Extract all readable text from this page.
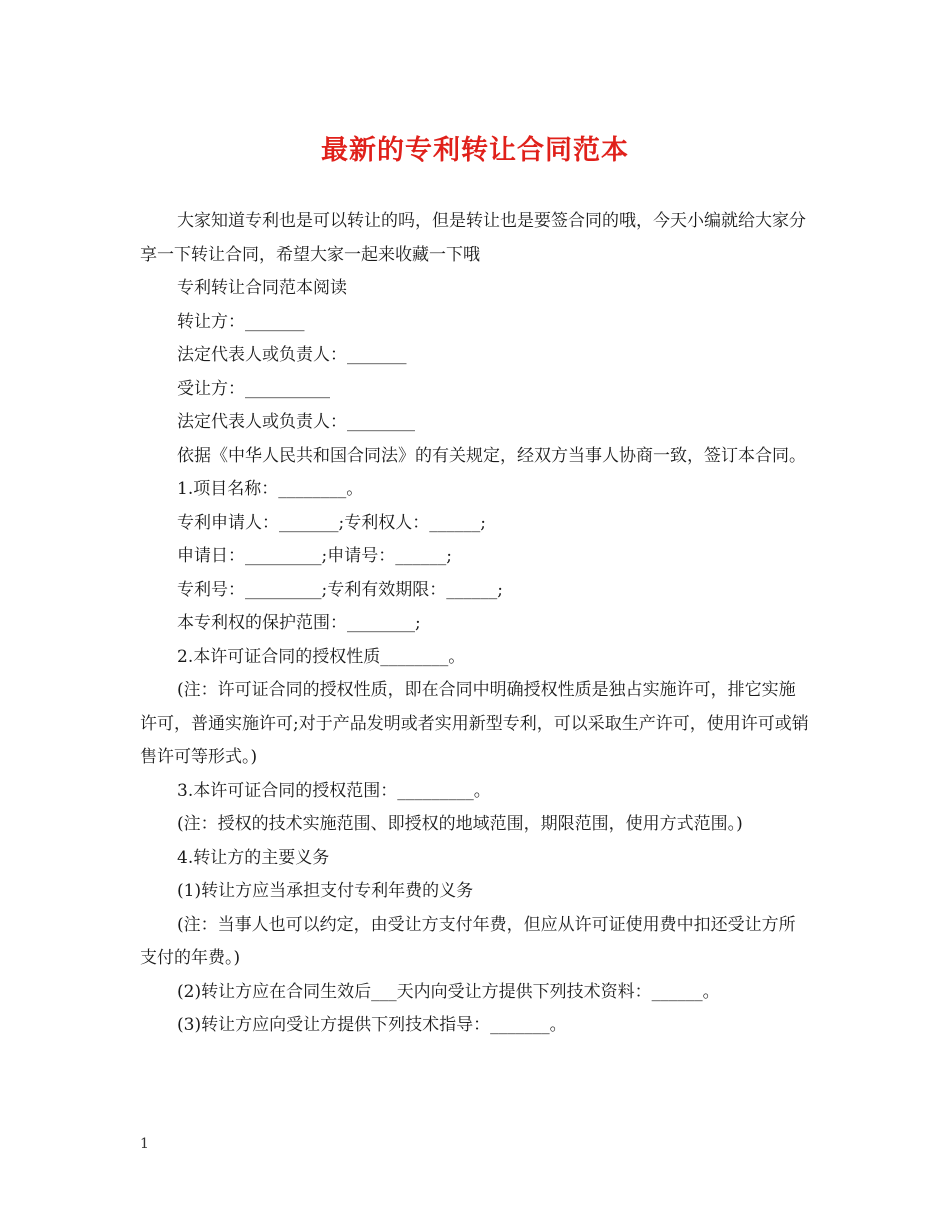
最新的专利转让合同范本

大家知道专利也是可以转让的吗，但是转让也是要签合同的哦，今天小编就给大家分享一下转让合同，希望大家一起来收藏一下哦

专利转让合同范本阅读

转让方：_______

法定代表人或负责人：_______

受让方：__________

法定代表人或负责人：________

依据《中华人民共和国合同法》的有关规定，经双方当事人协商一致，签订本合同。

1.项目名称：________。

专利申请人：_______;专利权人：______;

申请日：_________;申请号：______;

专利号：_________;专利有效期限：______;

本专利权的保护范围：________;

2.本许可证合同的授权性质________。

(注：许可证合同的授权性质，即在合同中明确授权性质是独占实施许可，排它实施许可，普通实施许可;对于产品发明或者实用新型专利，可以采取生产许可，使用许可或销售许可等形式。)

3.本许可证合同的授权范围：_________。

(注：授权的技术实施范围、即授权的地域范围，期限范围，使用方式范围。)

4.转让方的主要义务

(1)转让方应当承担支付专利年费的义务

(注：当事人也可以约定，由受让方支付年费，但应从许可证使用费中扣还受让方所支付的年费。)

(2)转让方应在合同生效后___天内向受让方提供下列技术资料：______。

(3)转让方应向受让方提供下列技术指导：_______。

1
